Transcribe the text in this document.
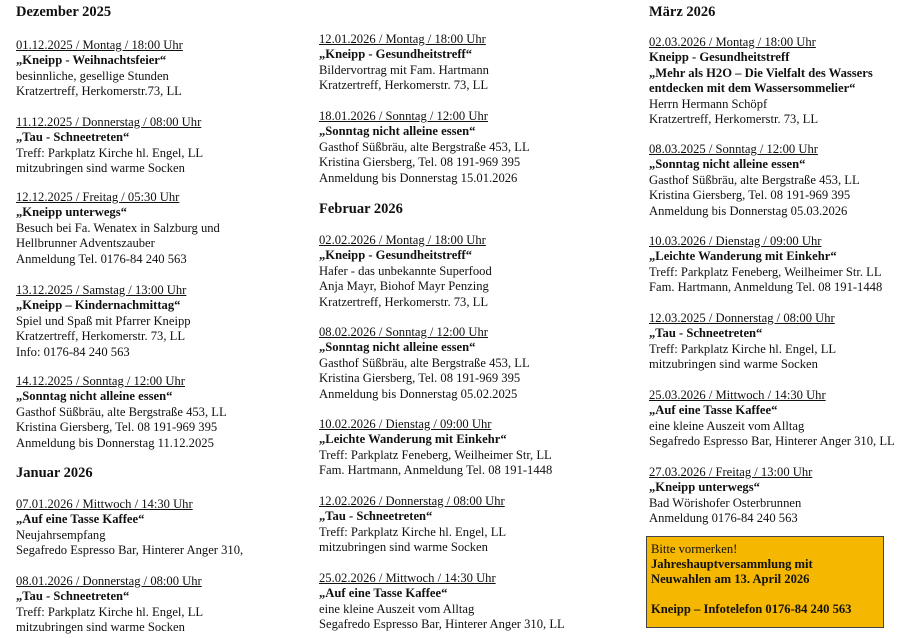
Dezember 2025
01.12.2025 / Montag / 18:00 Uhr
„Kneipp - Weihnachtsfeier“
besinnliche, gesellige Stunden
Kratzertreff, Herkomerstr.73, LL
11.12.2025 / Donnerstag / 08:00 Uhr
„Tau - Schneetreten“
Treff: Parkplatz Kirche hl. Engel, LL
mitzubringen sind warme Socken
12.12.2025 / Freitag / 05:30 Uhr
„Kneipp unterwegs“
Besuch bei Fa. Wenatex in Salzburg und
Hellbrunner Adventszauber
Anmeldung Tel. 0176-84 240 563
13.12.2025 / Samstag / 13:00 Uhr
„Kneipp – Kindernachmittag“
Spiel und Spaß mit Pfarrer Kneipp
Kratzertreff, Herkomerstr. 73, LL
Info: 0176-84 240 563
14.12.2025 / Sonntag / 12:00 Uhr
„Sonntag nicht alleine essen“
Gasthof Süßbräu, alte Bergstraße 453, LL
Kristina Giersberg, Tel. 08 191-969 395
Anmeldung bis Donnerstag 11.12.2025
Januar 2026
07.01.2026 / Mittwoch / 14:30 Uhr
„Auf eine Tasse Kaffee“
Neujahrsempfang
Segafredo Espresso Bar, Hinterer Anger 310,
08.01.2026 / Donnerstag / 08:00 Uhr
„Tau - Schneetreten“
Treff: Parkplatz Kirche hl. Engel, LL
mitzubringen sind warme Socken
12.01.2026 / Montag / 18:00 Uhr
„Kneipp - Gesundheitstreff“
Bildervortrag mit Fam. Hartmann
Kratzertreff, Herkomerstr. 73, LL
18.01.2026 / Sonntag / 12:00 Uhr
„Sonntag nicht alleine essen“
Gasthof Süßbräu, alte Bergstraße 453, LL
Kristina Giersberg, Tel. 08 191-969 395
Anmeldung bis Donnerstag 15.01.2026
Februar 2026
02.02.2026 / Montag / 18:00 Uhr
„Kneipp - Gesundheitstreff“
Hafer - das unbekannte Superfood
Anja Mayr, Biohof Mayr Penzing
Kratzertreff, Herkomerstr. 73, LL
08.02.2026 / Sonntag / 12:00 Uhr
„Sonntag nicht alleine essen“
Gasthof Süßbräu, alte Bergstraße 453, LL
Kristina Giersberg, Tel. 08 191-969 395
Anmeldung bis Donnerstag 05.02.2025
10.02.2026 / Dienstag / 09:00 Uhr
„Leichte Wanderung mit Einkehr“
Treff: Parkplatz Feneberg, Weilheimer Str, LL
Fam. Hartmann, Anmeldung Tel. 08 191-1448
12.02.2026 / Donnerstag / 08:00 Uhr
„Tau - Schneetreten“
Treff: Parkplatz Kirche hl. Engel, LL
mitzubringen sind warme Socken
25.02.2026 / Mittwoch / 14:30 Uhr
„Auf eine Tasse Kaffee“
eine kleine Auszeit vom Alltag
Segafredo Espresso Bar, Hinterer Anger 310, LL
März 2026
02.03.2026 / Montag / 18:00 Uhr
Kneipp - Gesundheitstreff
„Mehr als H2O – Die Vielfalt des Wassers
entdecken mit dem Wassersommelier“
Herrn Hermann Schöpf
Kratzertreff, Herkomerstr. 73, LL
08.03.2025 / Sonntag / 12:00 Uhr
„Sonntag nicht alleine essen“
Gasthof Süßbräu, alte Bergstraße 453, LL
Kristina Giersberg, Tel. 08 191-969 395
Anmeldung bis Donnerstag 05.03.2026
10.03.2026 / Dienstag / 09:00 Uhr
„Leichte Wanderung mit Einkehr“
Treff: Parkplatz Feneberg, Weilheimer Str. LL
Fam. Hartmann, Anmeldung Tel. 08 191-1448
12.03.2025 / Donnerstag / 08:00 Uhr
„Tau - Schneetreten“
Treff: Parkplatz Kirche hl. Engel, LL
mitzubringen sind warme Socken
25.03.2026 / Mittwoch / 14:30 Uhr
„Auf eine Tasse Kaffee“
eine kleine Auszeit vom Alltag
Segafredo Espresso Bar, Hinterer Anger 310, LL
27.03.2026 / Freitag / 13:00 Uhr
„Kneipp unterwegs“
Bad Wörishofer Osterbrunnen
Anmeldung 0176-84 240 563
Bitte vormerken!
Jahreshauptversammlung mit
Neuwahlen am 13. April 2026
Kneipp – Infotelefon 0176-84 240 563
